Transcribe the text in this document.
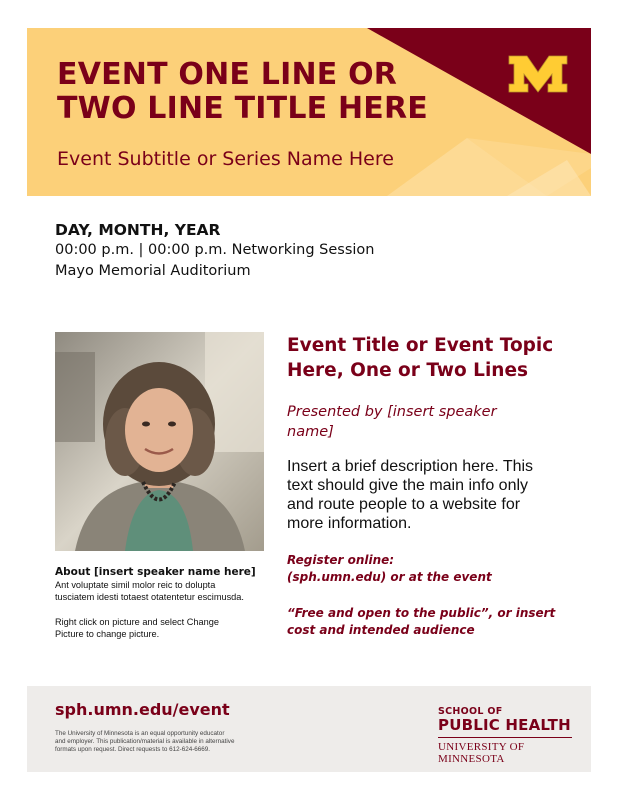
EVENT ONE LINE OR
TWO LINE TITLE HERE

Event Subtitle or Series Name Here

DAY, MONTH, YEAR

00:00 p.m. | 00:00 p.m. Networking Session

Mayo Memorial Auditorium

About [insert speaker name here]

Ant voluptate simil molor reic to dolupta
tusciatem idesti totaest otatentetur escimusda.

Right click on picture and select Change
Picture to change picture.

Event Title or Event Topic
Here, One or Two Lines

Presented by [insert speaker
name]

Insert a brief description here. This
text should give the main info only
and route people to a website for
more information.

Register online:
(sph.umn.edu) or at the event

“Free and open to the public”, or insert
cost and intended audience

sph.umn.edu/event

The University of Minnesota is an equal opportunity educator
and employer. This publication/material is available in alternative
formats upon request. Direct requests to 612-624-6669.

SCHOOL OF

PUBLIC HEALTH

UNIVERSITY OF MINNESOTA
